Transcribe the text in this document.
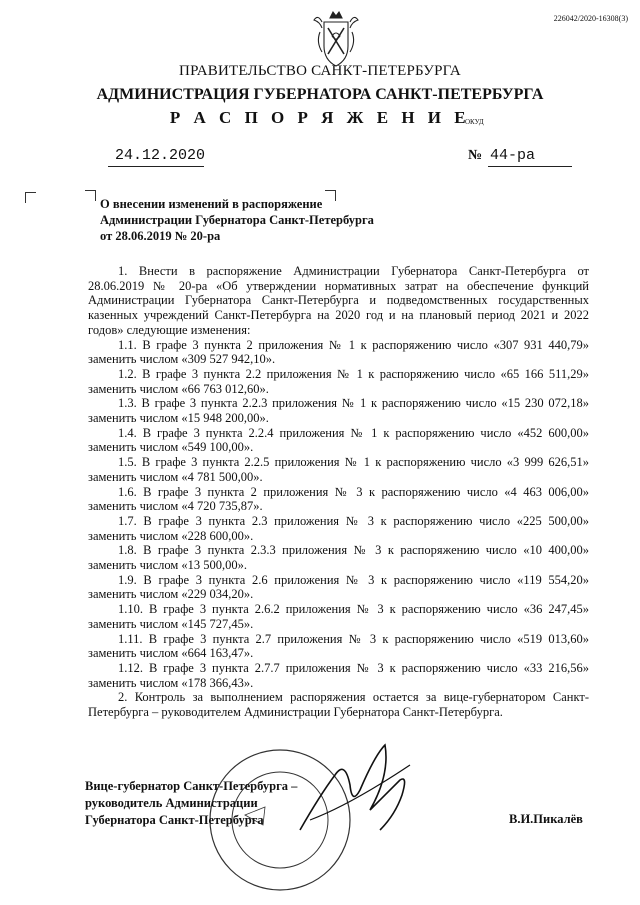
226042/2020-16308(3)
ПРАВИТЕЛЬСТВО САНКТ-ПЕТЕРБУРГА
АДМИНИСТРАЦИЯ ГУБЕРНАТОРА САНКТ-ПЕТЕРБУРГА
Р А С П О Р Я Ж Е Н И Е
ОКУД
24.12.2020	№ 44-ра
О внесении изменений в распоряжение
Администрации Губернатора Санкт-Петербурга
от 28.06.2019 № 20-ра

1. Внести в распоряжение Администрации Губернатора Санкт-Петербурга от 28.06.2019 № 20-ра «Об утверждении нормативных затрат на обеспечение функций Администрации Губернатора Санкт-Петербурга и подведомственных государственных казенных учреждений Санкт-Петербурга на 2020 год и на плановый период 2021 и 2022 годов» следующие изменения:

1.1. В графе 3 пункта 2 приложения № 1 к распоряжению число «307 931 440,79» заменить числом «309 527 942,10».

1.2. В графе 3 пункта 2.2 приложения № 1 к распоряжению число «65 166 511,29» заменить числом «66 763 012,60».

1.3. В графе 3 пункта 2.2.3 приложения № 1 к распоряжению число «15 230 072,18» заменить числом «15 948 200,00».

1.4. В графе 3 пункта 2.2.4 приложения № 1 к распоряжению число «452 600,00» заменить числом «549 100,00».

1.5. В графе 3 пункта 2.2.5 приложения № 1 к распоряжению число «3 999 626,51» заменить числом «4 781 500,00».

1.6. В графе 3 пункта 2 приложения № 3 к распоряжению число «4 463 006,00» заменить числом «4 720 735,87».

1.7. В графе 3 пункта 2.3 приложения № 3 к распоряжению число «225 500,00» заменить числом «228 600,00».

1.8. В графе 3 пункта 2.3.3 приложения № 3 к распоряжению число «10 400,00» заменить числом «13 500,00».

1.9. В графе 3 пункта 2.6 приложения № 3 к распоряжению число «119 554,20» заменить числом «229 034,20».

1.10. В графе 3 пункта 2.6.2 приложения № 3 к распоряжению число «36 247,45» заменить числом «145 727,45».

1.11. В графе 3 пункта 2.7 приложения № 3 к распоряжению число «519 013,60» заменить числом «664 163,47».

1.12. В графе 3 пункта 2.7.7 приложения № 3 к распоряжению число «33 216,56» заменить числом «178 366,43».

2. Контроль за выполнением распоряжения остается за вице-губернатором Санкт-Петербурга – руководителем Администрации Губернатора Санкт-Петербурга.

Вице-губернатор Санкт-Петербурга –
руководитель Администрации
Губернатора Санкт-Петербурга	В.И.Пикалёв
